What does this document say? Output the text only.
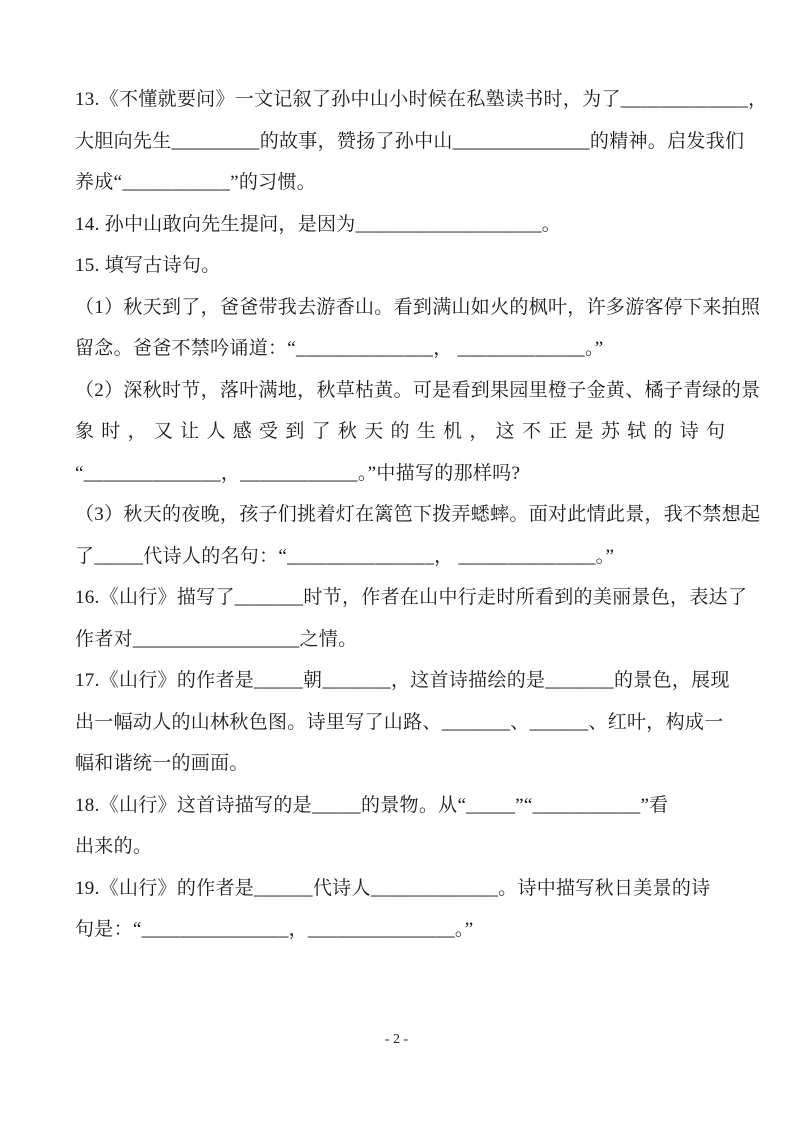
13.《不懂就要问》一文记叙了孙中山小时候在私塾读书时，为了_____________，
大胆向先生_________的故事，赞扬了孙中山______________的精神。启发我们
养成“___________”的习惯。
14. 孙中山敢向先生提问，是因为___________________。
15. 填写古诗句。
（1）秋天到了，爸爸带我去游香山。看到满山如火的枫叶，许多游客停下来拍照
留念。爸爸不禁吟诵道：“______________， _____________。”
（2）深秋时节，落叶满地，秋草枯黄。可是看到果园里橙子金黄、橘子青绿的景
象时，又让人感受到了秋天的生机，这不正是苏轼的诗句
“______________，____________。”中描写的那样吗?
（3）秋天的夜晚，孩子们挑着灯在篱笆下拨弄蟋蟀。面对此情此景，我不禁想起
了_____代诗人的名句：“_______________， ______________。”
16.《山行》描写了_______时节，作者在山中行走时所看到的美丽景色，表达了
作者对_________________之情。
17.《山行》的作者是_____朝_______，这首诗描绘的是_______的景色，展现
出一幅动人的山林秋色图。诗里写了山路、_______、______、红叶，构成一
幅和谐统一的画面。
18.《山行》这首诗描写的是_____的景物。从“_____”“___________”看
出来的。
19.《山行》的作者是______代诗人_____________。诗中描写秋日美景的诗
句是：“_______________，_______________。”
- 2 -
